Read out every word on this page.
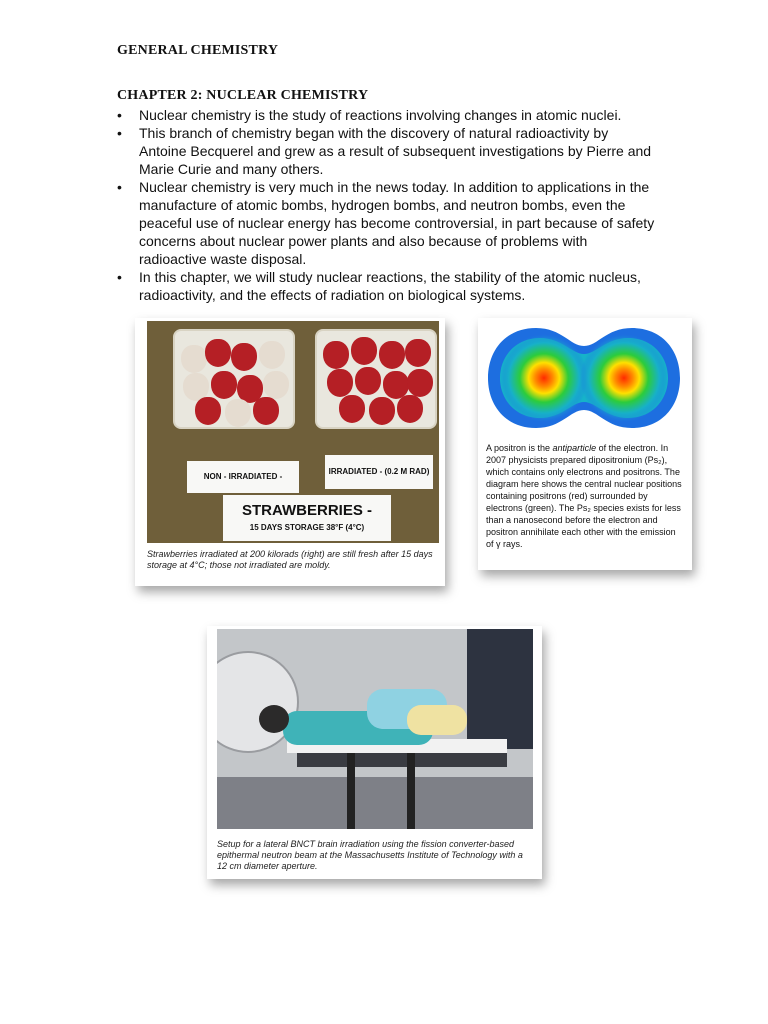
GENERAL CHEMISTRY
CHAPTER 2: NUCLEAR CHEMISTRY
• Nuclear chemistry is the study of reactions involving changes in atomic nuclei.
• This branch of chemistry began with the discovery of natural radioactivity by Antoine Becquerel and grew as a result of subsequent investigations by Pierre and Marie Curie and many others.
• Nuclear chemistry is very much in the news today. In addition to applications in the manufacture of atomic bombs, hydrogen bombs, and neutron bombs, even the peaceful use of nuclear energy has become controversial, in part because of safety concerns about nuclear power plants and also because of problems with radioactive waste disposal.
• In this chapter, we will study nuclear reactions, the stability of the atomic nucleus, radioactivity, and the effects of radiation on biological systems.
NON - IRRADIATED -
IRRADIATED - (0.2 M RAD)
STRAWBERRIES -
15 DAYS STORAGE 38°F (4°C)
Strawberries irradiated at 200 kilorads (right) are still fresh after 15 days storage at 4°C; those not irradiated are moldy.
A positron is the antiparticle of the electron. In 2007 physicists prepared dipositronium (Ps₂), which contains only electrons and positrons. The diagram here shows the central nuclear positions containing positrons (red) surrounded by electrons (green). The Ps₂ species exists for less than a nanosecond before the electron and positron annihilate each other with the emission of γ rays.
Setup for a lateral BNCT brain irradiation using the fission converter-based epithermal neutron beam at the Massachusetts Institute of Technology with a 12 cm diameter aperture.
